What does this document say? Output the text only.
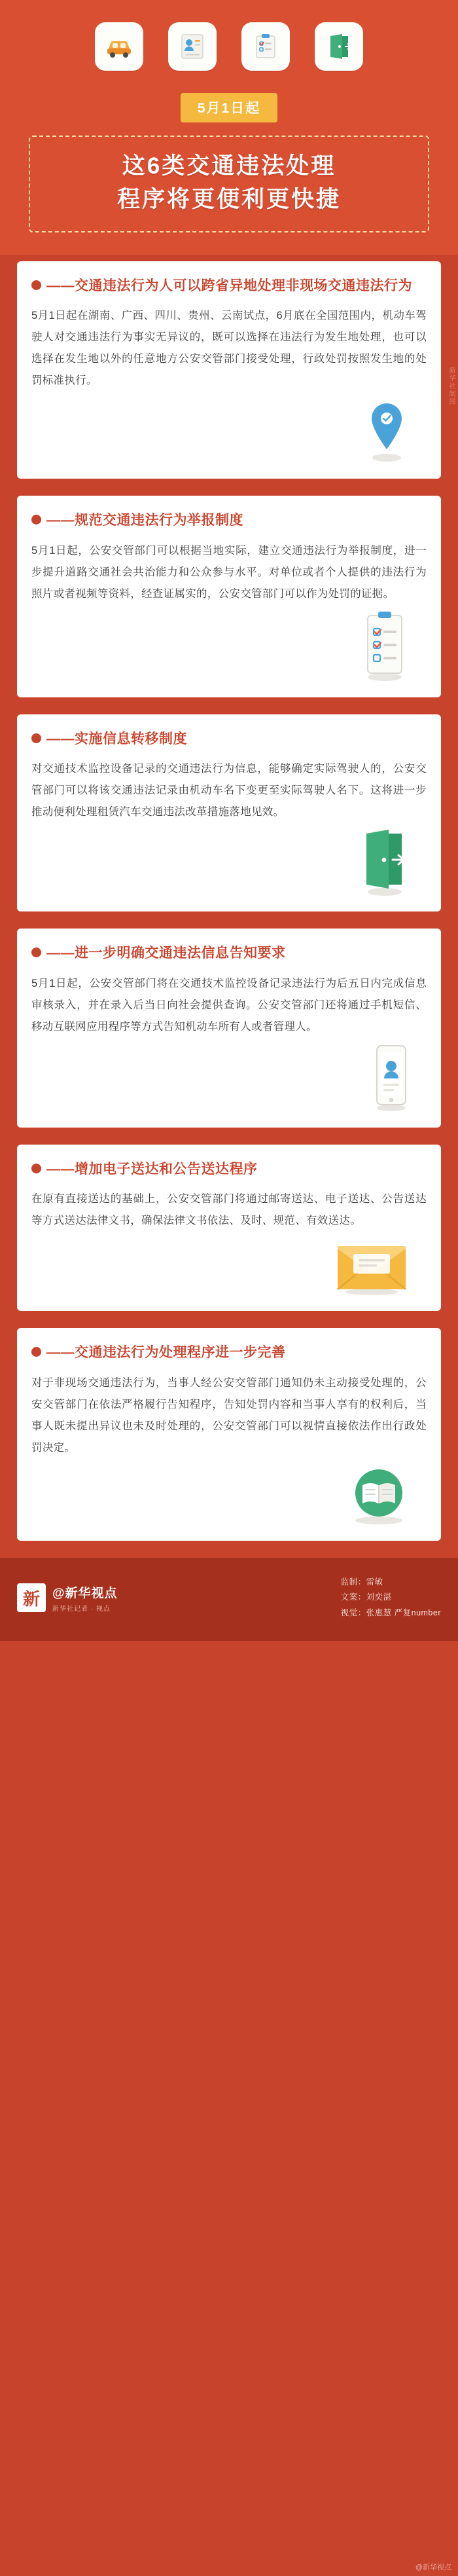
5月1日起
这6类交通违法处理
程序将更便利更快捷
——交通违法行为人可以跨省异地处理非现场交通违法行为
5月1日起在湖南、广西、四川、贵州、云南试点，6月底在全国范围内，机动车驾驶人对交通违法行为事实无异议的，既可以选择在违法行为发生地处理，也可以选择在发生地以外的任意地方公安交管部门接受处理，行政处罚按照发生地的处罚标准执行。
——规范交通违法行为举报制度
5月1日起，公安交管部门可以根据当地实际，建立交通违法行为举报制度，进一步提升道路交通社会共治能力和公众参与水平。对单位或者个人提供的违法行为照片或者视频等资料，经查证属实的，公安交管部门可以作为处罚的证据。
——实施信息转移制度
对交通技术监控设备记录的交通违法行为信息，能够确定实际驾驶人的，公安交管部门可以将该交通违法记录由机动车名下变更至实际驾驶人名下。这将进一步推动便利处理租赁汽车交通违法改革措施落地见效。
——进一步明确交通违法信息告知要求
5月1日起，公安交管部门将在交通技术监控设备记录违法行为后五日内完成信息审核录入，并在录入后当日向社会提供查询。公安交管部门还将通过手机短信、移动互联网应用程序等方式告知机动车所有人或者管理人。
——增加电子送达和公告送达程序
在原有直接送达的基础上，公安交管部门将通过邮寄送达、电子送达、公告送达等方式送达法律文书，确保法律文书依法、及时、规范、有效送达。
——交通违法行为处理程序进一步完善
对于非现场交通违法行为，当事人经公安交管部门通知仍未主动接受处理的，公安交管部门在依法严格履行告知程序，告知处罚内容和当事人享有的权利后，当事人既未提出异议也未及时处理的，公安交管部门可以视情直接依法作出行政处罚决定。
新	@新华视点
新华社记者 · 视点
监制：雷敏
文案：刘奕湛
视觉：张惠慧 严复number
@新华视点
新华社制图
